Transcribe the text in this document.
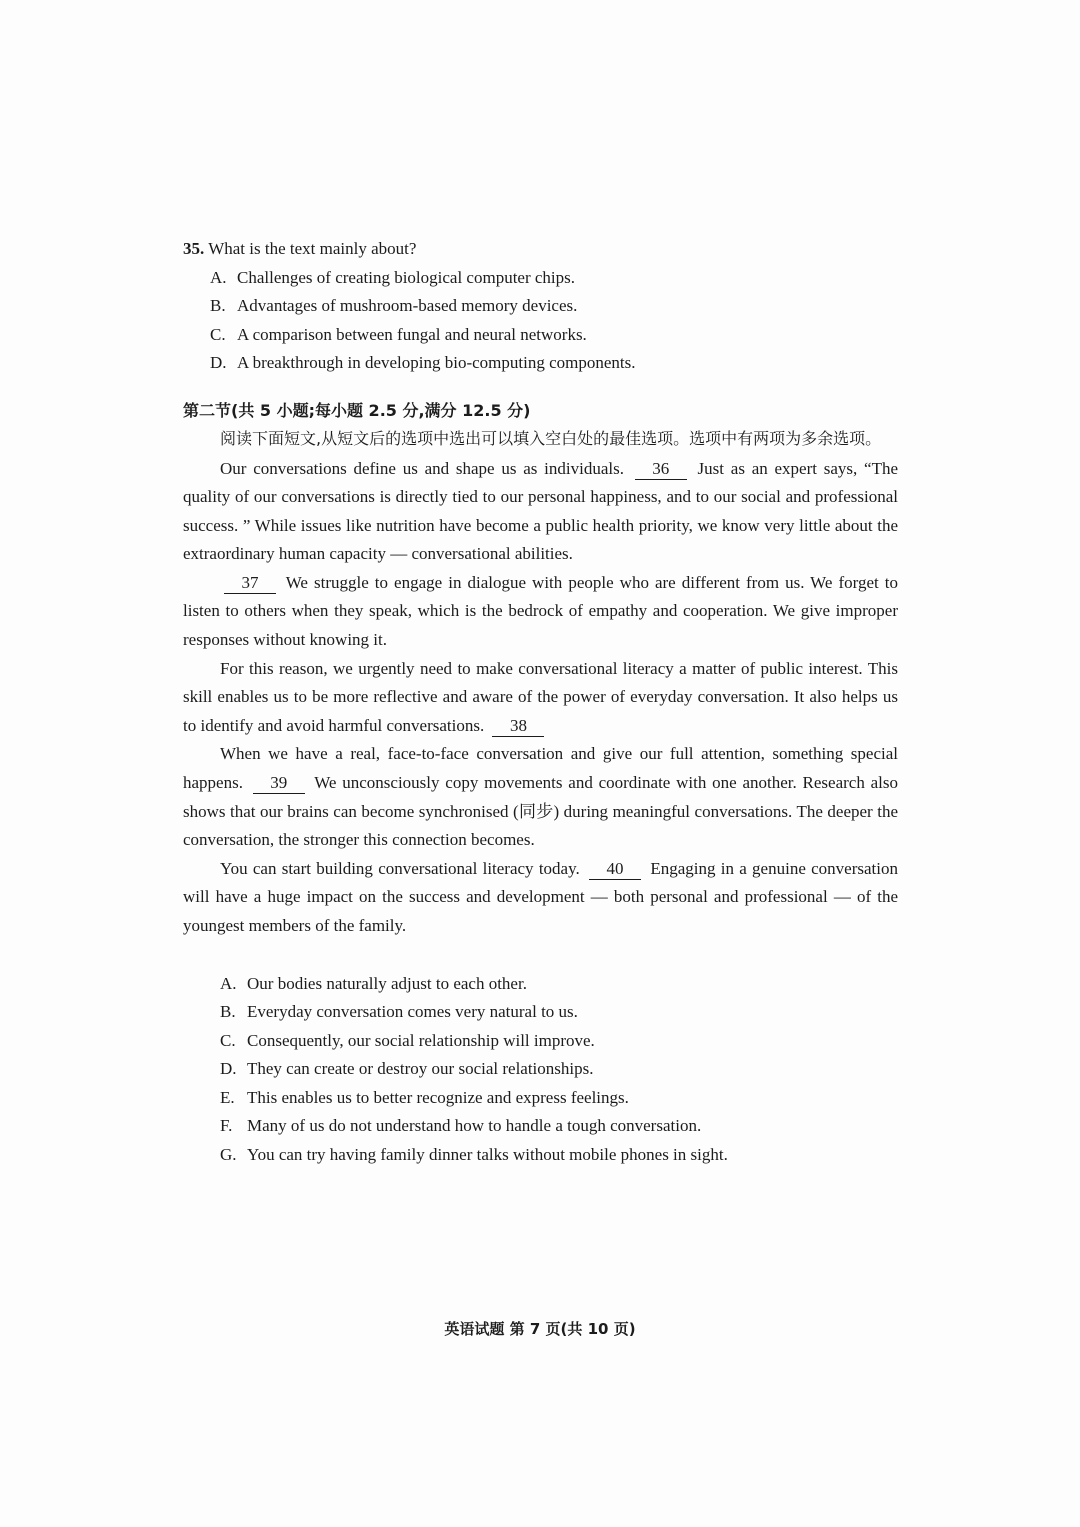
35. What is the text mainly about?
A. Challenges of creating biological computer chips.
B. Advantages of mushroom-based memory devices.
C. A comparison between fungal and neural networks.
D. A breakthrough in developing bio-computing components.
第二节(共 5 小题;每小题 2.5 分,满分 12.5 分)
阅读下面短文,从短文后的选项中选出可以填入空白处的最佳选项。选项中有两项为多余选项。

Our conversations define us and shape us as individuals. 36 Just as an expert says, “The quality of our conversations is directly tied to our personal happiness, and to our social and professional success. ” While issues like nutrition have become a public health priority, we know very little about the extraordinary human capacity — conversational abilities.

37 We struggle to engage in dialogue with people who are different from us. We forget to listen to others when they speak, which is the bedrock of empathy and cooperation. We give improper responses without knowing it.

For this reason, we urgently need to make conversational literacy a matter of public interest. This skill enables us to be more reflective and aware of the power of everyday conversation. It also helps us to identify and avoid harmful conversations. 38

When we have a real, face-to-face conversation and give our full attention, something special happens. 39 We unconsciously copy movements and coordinate with one another. Research also shows that our brains can become synchronised (同步) during meaningful conversations. The deeper the conversation, the stronger this connection becomes.

You can start building conversational literacy today. 40 Engaging in a genuine conversation will have a huge impact on the success and development — both personal and professional — of the youngest members of the family.

A. Our bodies naturally adjust to each other.
B. Everyday conversation comes very natural to us.
C. Consequently, our social relationship will improve.
D. They can create or destroy our social relationships.
E. This enables us to better recognize and express feelings.
F. Many of us do not understand how to handle a tough conversation.
G. You can try having family dinner talks without mobile phones in sight.
英语试题 第 7 页(共 10 页)
